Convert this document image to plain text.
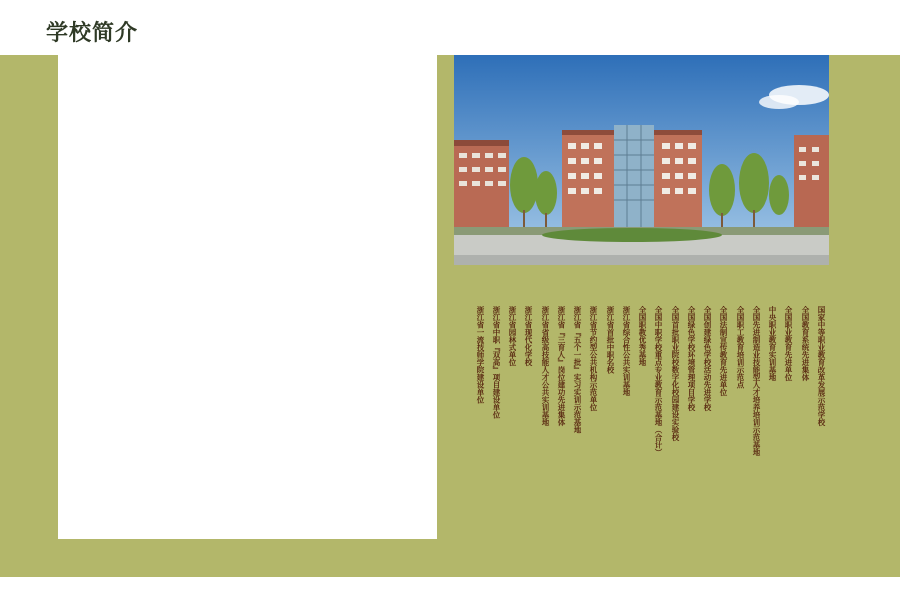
学校简介
学校创建于1983年，座落于交通便捷的大永线旁，风景秀丽的九龙湖畔。学校总占地832亩（其中新校园581亩，总投资31.7亿，一期工程即将完工于2023年9月投入使用），总建筑面积32.9万平方米；学院实训场地建筑面积6.3万平方米，实习实训设备总值9442万元。目前在校生7000余人，教职工500余人。是以培养现代智造业人才和经营管理应用人才为主的公立职业院校。
师资力量雄厚:
学校拥有一支实力雄厚、结构精良的专兼职教师队伍。现有全国职教名师、浙江省特级教师、金华市学科带头人等30多人。目前有正高级教师5人，浙江省特级教师2人，博士3人，硕士80余人，国家级技能大师2人，全国技术能手6人，省技术能手8人。一体化教师占比83.25%，高级专业技术职称和技师、高级技师职业资格的教师占比70.65%。组建有1个国家级大师工作室，1个省名师工作室，3个金华市名师工作室。
专业建设一流:
学校坚持围绕产业办专业，立足永康五金产业，服务永康市与浙江中部先进制造业的优势产业，开设智能制造、工业互联网与大数据、机电一体化等20多个专业，基本覆盖五金产业链。建有国家级基地3个、省级基地3个，同时学院与全球知名企业合作，加强了世赛标准研究，将典型世赛项目转化为教学项目，现已开发完成高级工和技师研修项目5个，与德国工业4.0工程师和中国智能制造工程师资格互认1项。
教学成绩上乘:
学校引入ISO.9001质量管理体系，全方位落实精细化管理，成效显著。近五年来，师生在各类技能大赛中荣获国家级奖项23金18银18铜，浙江省一等奖60多项。其中，2022年学生在全国职业院校技能大赛摘获2金1银，2023年学生在行业技能国赛上再获1金。近五年永康职技校高职考上线率100%，本科上线人数逐年提升，连年位居金华市中职学校第一名，远远领先于金华市其他中职学校。2022年首届普职融通班25人上一段线，上线率达70%，与金华职业技术学院合作的五年一体化五年制办学模式进一步拓宽了学生技能成长与升学的通道，2022年有13位学生升入世界200强国际合作大学，留学新加坡和澳大利亚，永康职业教育真正实现国际合作。
办学成果辉煌:
学校形成鲜明的职业教育办学特色，办学成果累累。被评为国家中等职业教育改革发展示范学校，全国职业教育先进单位、全国教育系统先进集体、全国法制宣传教育先进单位、全国中职财政支持的实训基地、全国创建绿色学校先进单位等，在全国职业教育领域发挥了良好的示范辐射作用。
浙江省一流技师学院建设单位 浙江省中职『双高』项目建设单位 浙江省园林式单位 浙江省现代化学校 浙江省省级高技能人才公共实训基地 浙江省『三育人』岗位建功先进集体 浙江省『五个一批』实习实训示范基地 浙江省节约型公共机构示范单位 浙江省首批中职名校 浙江省综合性公共实训基地 全国职教优秀基地 全国中职学校重点专业教育示范基地（合计） 全国首批职业院校数字化校园建设实验校 全国绿色学校环境管理项目学校 全国创建绿色学校活动先进学校 全国法制宣传教育先进单位 全国职工教育培训示范点 全国先进制造业技能型人才培养培训示范基地 中央职业教育实训基地 全国职业教育先进单位 全国教育系统先进集体 国家中等职业教育改革发展示范学校
